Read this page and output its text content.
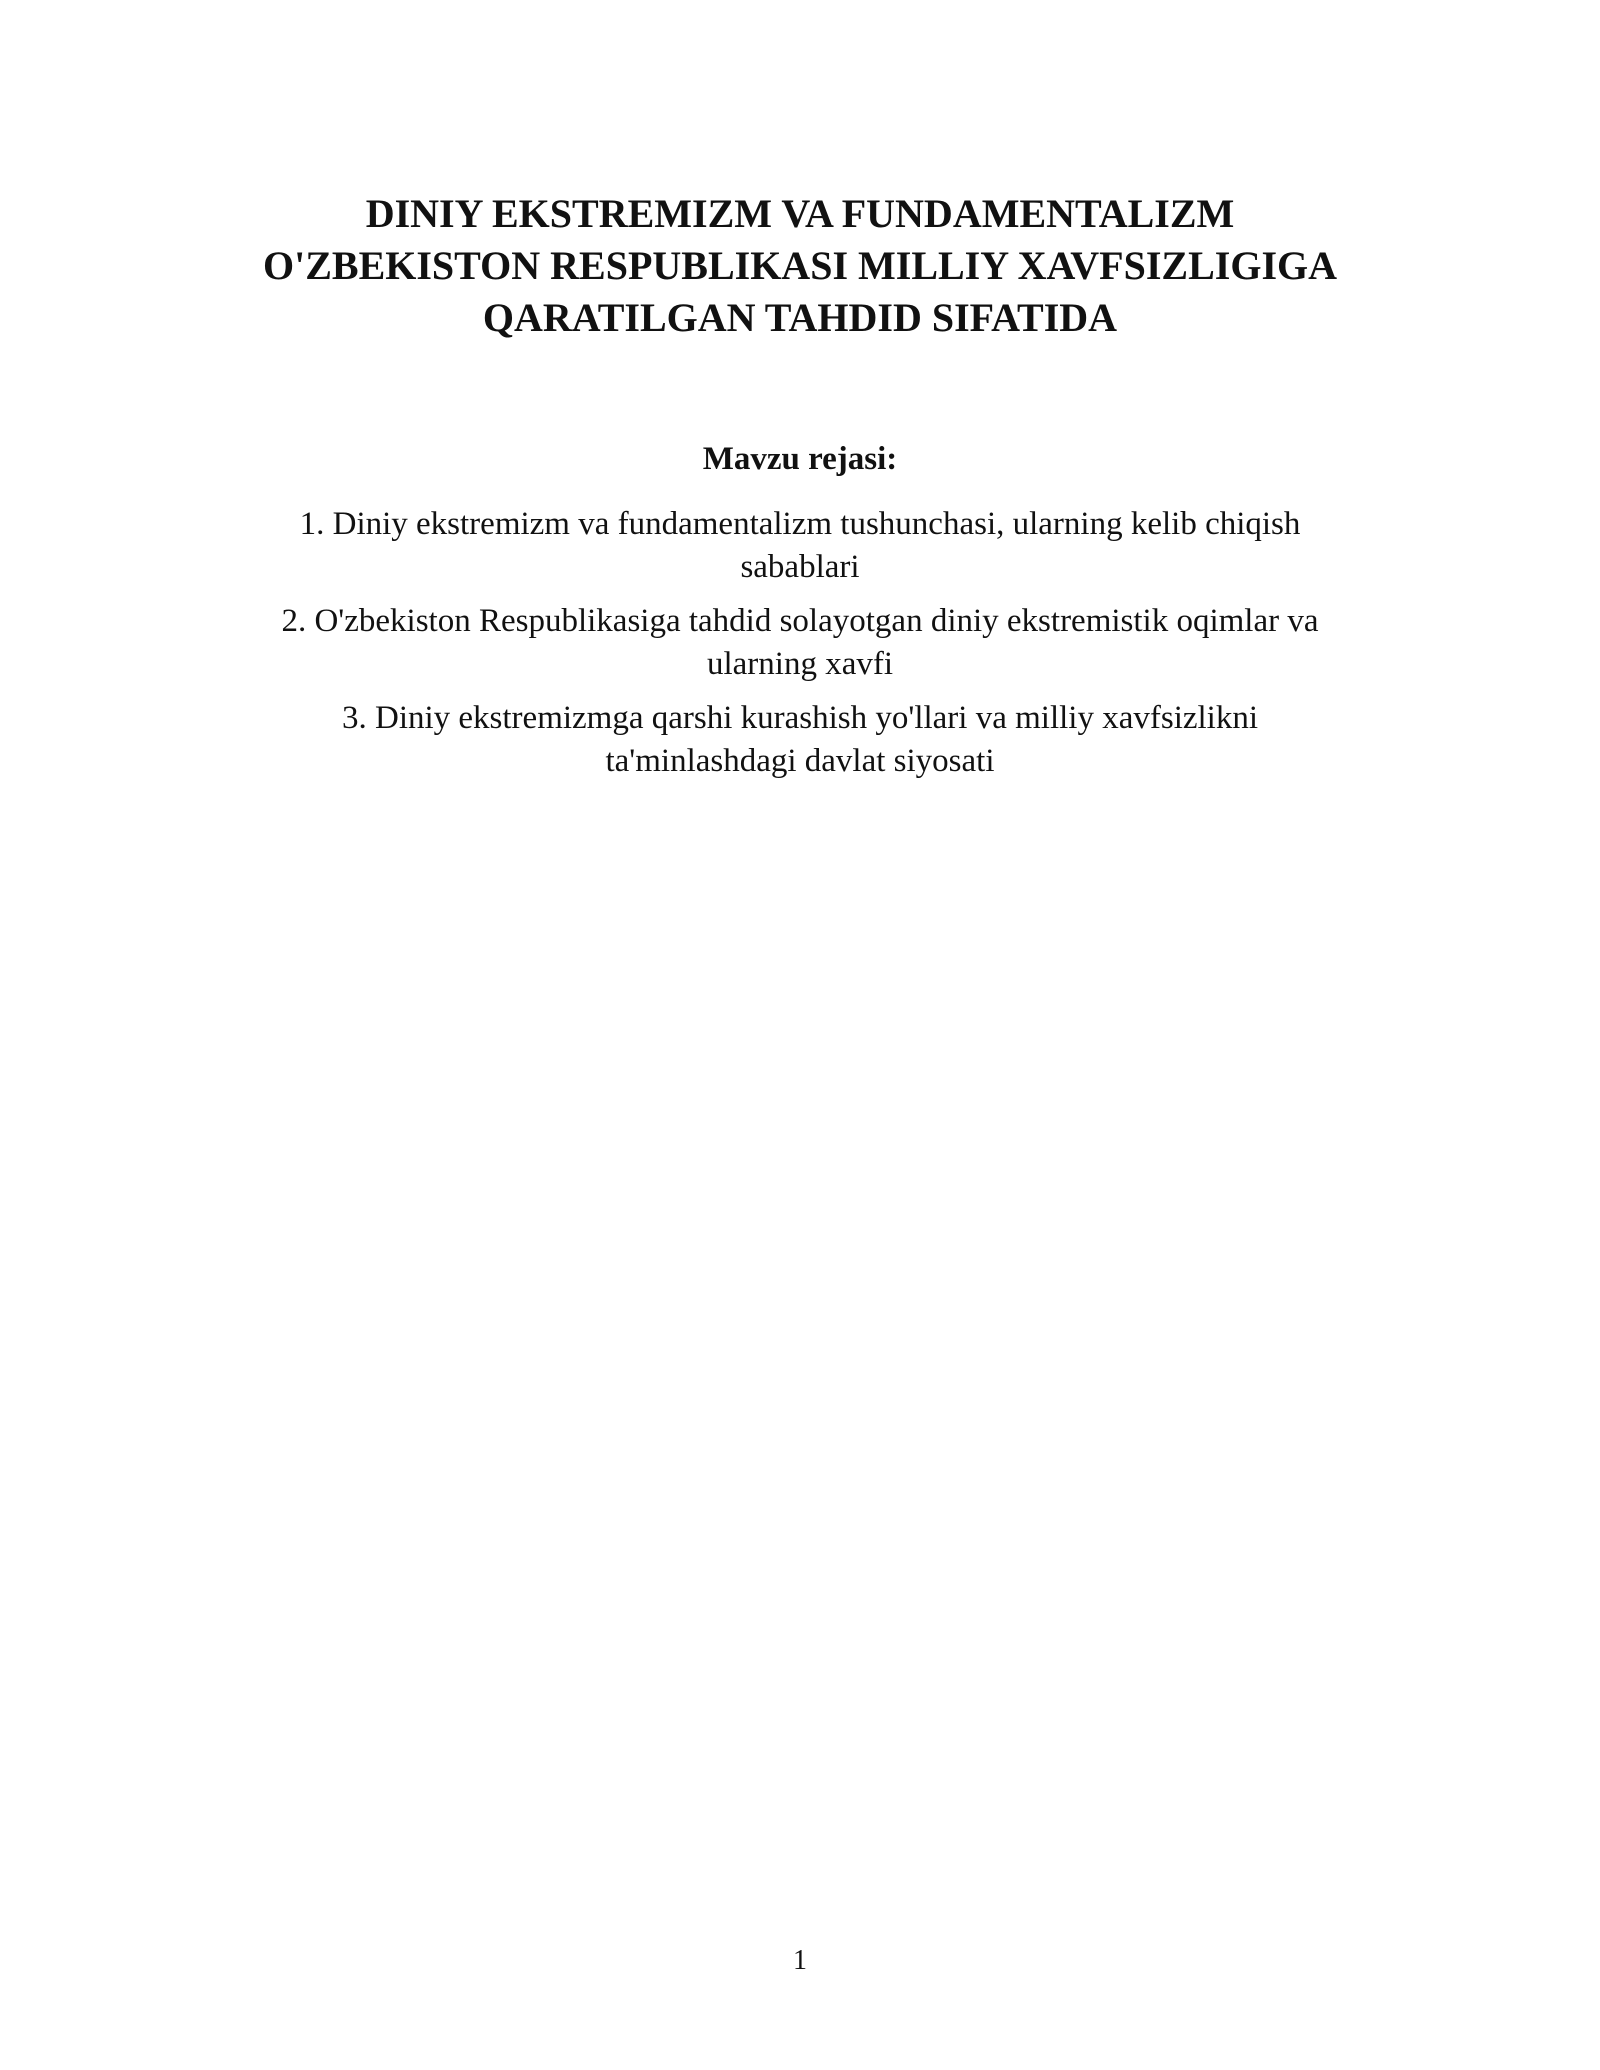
DINIY EKSTREMIZM VA FUNDAMENTALIZM
O'ZBEKISTON RESPUBLIKASI MILLIY XAVFSIZLIGIGA
QARATILGAN TAHDID SIFATIDA
Mavzu rejasi:
1. Diniy ekstremizm va fundamentalizm tushunchasi, ularning kelib chiqish
sabablari
2. O'zbekiston Respublikasiga tahdid solayotgan diniy ekstremistik oqimlar va
ularning xavfi
3. Diniy ekstremizmga qarshi kurashish yo'llari va milliy xavfsizlikni
ta'minlashdagi davlat siyosati
1
